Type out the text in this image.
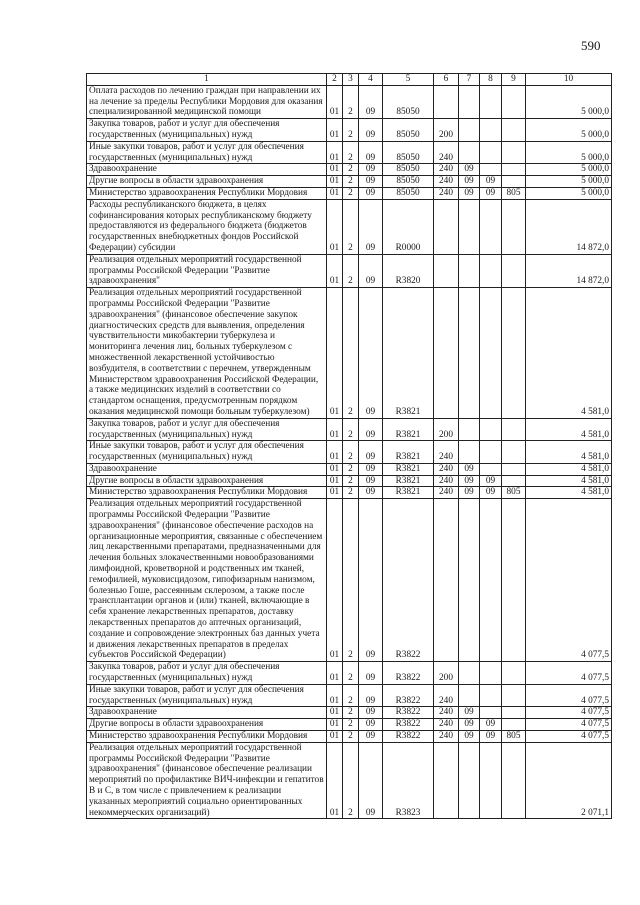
590
1	2	3	4	5	6	7	8	9	10
Оплата расходов по лечению граждан при направлении их на лечение за пределы Республики Мордовия для оказания специализированной медицинской помощи	01	2	09	85050					5 000,0
Закупка товаров, работ и услуг для обеспечения государственных (муниципальных) нужд	01	2	09	85050	200				5 000,0
Иные закупки товаров, работ и услуг для обеспечения государственных (муниципальных) нужд	01	2	09	85050	240				5 000,0
Здравоохранение	01	2	09	85050	240	09			5 000,0
Другие вопросы в области здравоохранения	01	2	09	85050	240	09	09		5 000,0
Министерство здравоохранения Республики Мордовия	01	2	09	85050	240	09	09	805	5 000,0
Расходы республиканского бюджета, в целях софинансирования которых республиканскому бюджету предоставляются из федерального бюджета (бюджетов государственных внебюджетных фондов Российской Федерации) субсидии	01	2	09	R0000					14 872,0
Реализация отдельных мероприятий государственной программы Российской Федерации "Развитие здравоохранения"	01	2	09	R3820					14 872,0
Реализация отдельных мероприятий государственной программы Российской Федерации "Развитие здравоохранения" (финансовое обеспечение закупок диагностических средств для выявления, определения чувствительности микобактерии туберкулеза и мониторинга лечения лиц, больных туберкулезом с множественной лекарственной устойчивостью возбудителя, в соответствии с перечнем, утвержденным Министерством здравоохранения Российской Федерации, а также медицинских изделий в соответствии со стандартом оснащения, предусмотренным порядком оказания медицинской помощи больным туберкулезом)	01	2	09	R3821					4 581,0
Закупка товаров, работ и услуг для обеспечения государственных (муниципальных) нужд	01	2	09	R3821	200				4 581,0
Иные закупки товаров, работ и услуг для обеспечения государственных (муниципальных) нужд	01	2	09	R3821	240				4 581,0
Здравоохранение	01	2	09	R3821	240	09			4 581,0
Другие вопросы в области здравоохранения	01	2	09	R3821	240	09	09		4 581,0
Министерство здравоохранения Республики Мордовия	01	2	09	R3821	240	09	09	805	4 581,0
Реализация отдельных мероприятий государственной программы Российской Федерации "Развитие здравоохранения" (финансовое обеспечение расходов на организационные мероприятия, связанные с обеспечением лиц лекарственными препаратами, предназначенными для лечения больных злокачественными новообразованиями лимфоидной, кроветворной и родственных им тканей, гемофилией, муковисцидозом, гипофизарным нанизмом, болезнью Гоше, рассеянным склерозом, а также после трансплантации органов и (или) тканей, включающие в себя хранение лекарственных препаратов, доставку лекарственных препаратов до аптечных организаций, создание и сопровождение электронных баз данных учета и движения лекарственных препаратов в пределах субъектов Российской Федерации)	01	2	09	R3822					4 077,5
Закупка товаров, работ и услуг для обеспечения государственных (муниципальных) нужд	01	2	09	R3822	200				4 077,5
Иные закупки товаров, работ и услуг для обеспечения государственных (муниципальных) нужд	01	2	09	R3822	240				4 077,5
Здравоохранение	01	2	09	R3822	240	09			4 077,5
Другие вопросы в области здравоохранения	01	2	09	R3822	240	09	09		4 077,5
Министерство здравоохранения Республики Мордовия	01	2	09	R3822	240	09	09	805	4 077,5
Реализация отдельных мероприятий государственной программы Российской Федерации "Развитие здравоохранения" (финансовое обеспечение реализации мероприятий по профилактике ВИЧ-инфекции и гепатитов В и С, в том числе с привлечением к реализации указанных мероприятий социально ориентированных некоммерческих организаций)	01	2	09	R3823					2 071,1
